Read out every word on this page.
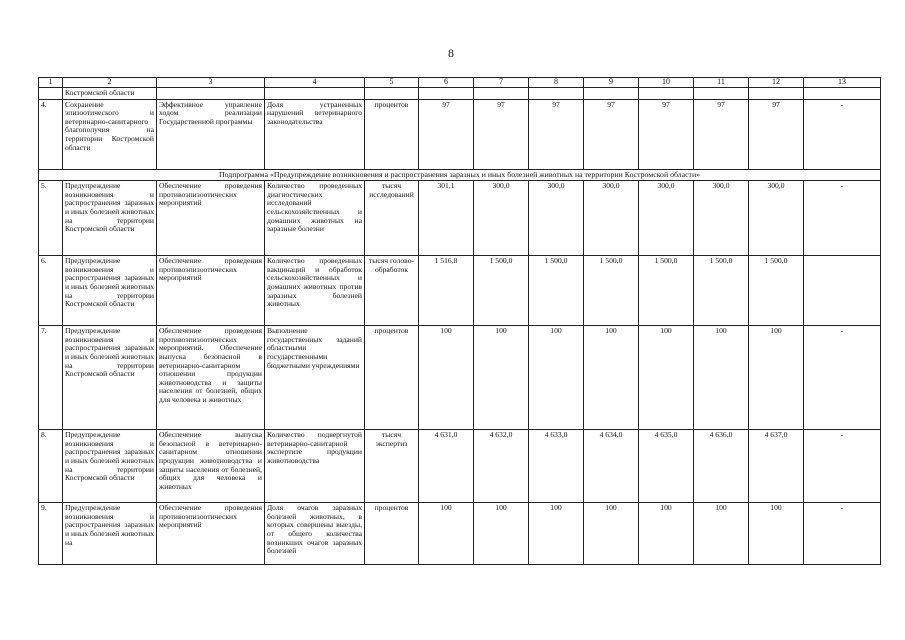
8
1	2	3	4	5	6	7	8	9	10	11	12	13
	Костромской области											
4.	Сохранение эпизоотического и ветеринарно-санитарного благополучия на территории Костромской области	Эффективное управление ходом реализации Государственной программы	Доля устраненных нарушений ветеринарного законодательства	процентов	97	97	97	97	97	97	97	-
Подпрограмма «Предупреждение возникновения и распространения заразных и иных болезней животных на территории Костромской области»												
5.	Предупреждение возникновения и распространения заразных и иных болезней животных на территории Костромской области	Обеспечение проведения противоэпизоотических мероприятий	Количество проведенных диагностических исследований сельскохозяйственных и домашних животных на заразные болезни	тысяч исследований	301,1	300,0	300,0	300,0	300,0	300,0	300,0	-
6.	Предупреждение возникновения и распространения заразных и иных болезней животных на территории Костромской области	Обеспечение проведения противоэпизоотических мероприятий	Количество проведенных вакцинаций и обработок сельскохозяйственных и домашних животных против заразных болезней животных	тысяч голово-обработок	1 516,8	1 500,0	1 500,0	1 500,0	1 500,0	1 500,0	1 500,0	
7.	Предупреждение возникновения и распространения заразных и иных болезней животных на территории Костромской области	Обеспечение проведения противоэпизоотических мероприятий. Обеспечение выпуска безопасной в ветеринарно-санитарном отношении продукции животноводства и защиты населения от болезней, общих для человека и животных	Выполнение государственных заданий областными государственными бюджетными учреждениями	процентов	100	100	100	100	100	100	100	-
8.	Предупреждение возникновения и распространения заразных и иных болезней животных на территории Костромской области	Обеспечение выпуска безопасной в ветеринарно-санитарном отношении продукции животноводства и защиты населения от болезней, общих для человека и животных	Количество подвергнутой ветеринарно-санитарной экспертизе продукции животноводства	тысяч экспертиз	4 631,0	4 632,0	4 633,0	4 634,0	4 635,0	4 636,0	4 637,0	-
9.	Предупреждение возникновения и распространения заразных и иных болезней животных на	Обеспечение проведения противоэпизоотических мероприятий	Доля очагов заразных болезней животных, в которых совершены выезды, от общего количества возникших очагов заразных болезней	процентов	100	100	100	100	100	100	100	-
